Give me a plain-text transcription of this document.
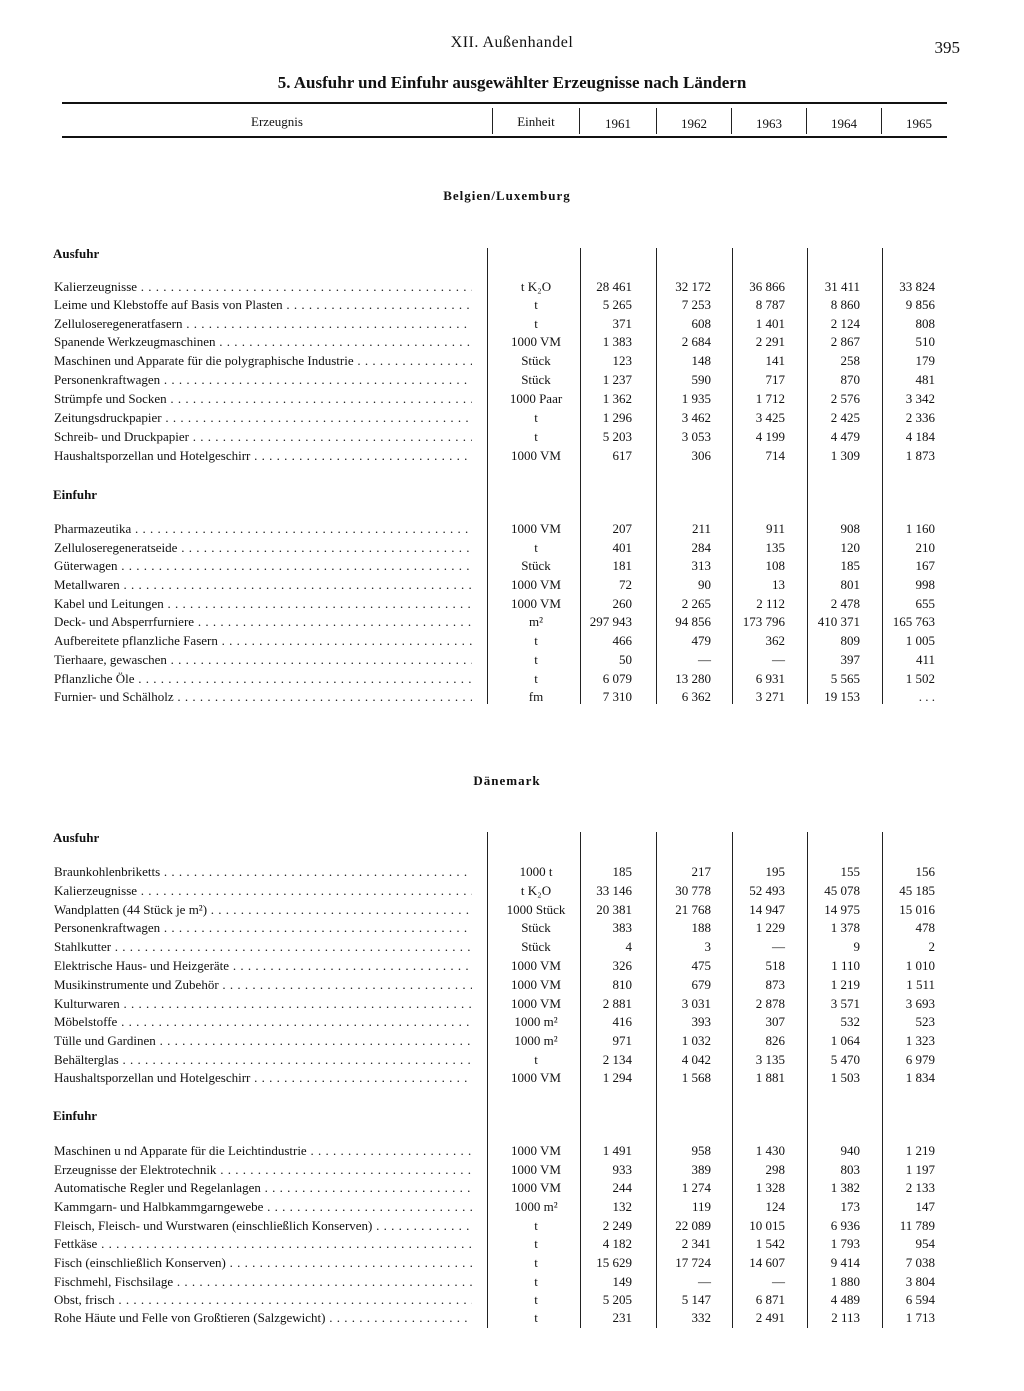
XII. Außenhandel	395
5. Ausfuhr und Einfuhr ausgewählter Erzeugnisse nach Ländern
Erzeugnis	Einheit	1961	1962	1963	1964	1965
Belgien/Luxemburg
Ausfuhr
Kalierzeugnisse . . .	t K₂O	28 461	32 172	36 866	31 411	33 824
Leime und Klebstoffe auf Basis von Plasten . . .	t	5 265	7 253	8 787	8 860	9 856
Zelluloseregeneratfasern . . .	t	371	608	1 401	2 124	808
Spanende Werkzeugmaschinen . . .	1000 VM	1 383	2 684	2 291	2 867	510
Maschinen und Apparate für die polygraphische Industrie . . .	Stück	123	148	141	258	179
Personenkraftwagen . . .	Stück	1 237	590	717	870	481
Strümpfe und Socken . . .	1000 Paar	1 362	1 935	1 712	2 576	3 342
Zeitungsdruckpapier . . .	t	1 296	3 462	3 425	2 425	2 336
Schreib- und Druckpapier . . .	t	5 203	3 053	4 199	4 479	4 184
Haushaltsporzellan und Hotelgeschirr . . .	1000 VM	617	306	714	1 309	1 873
Einfuhr
Pharmazeutika . . .	1000 VM	207	211	911	908	1 160
Zelluloseregeneratseide . . .	t	401	284	135	120	210
Güterwagen . . .	Stück	181	313	108	185	167
Metallwaren . . .	1000 VM	72	90	13	801	998
Kabel und Leitungen . . .	1000 VM	260	2 265	2 112	2 478	655
Deck- und Absperrfurniere . . .	m²	297 943	94 856	173 796	410 371	165 763
Aufbereitete pflanzliche Fasern . . .	t	466	479	362	809	1 005
Tierhaare, gewaschen . . .	t	50	—	—	397	411
Pflanzliche Öle . . .	t	6 079	13 280	6 931	5 565	1 502
Furnier- und Schälholz . . .	fm	7 310	6 362	3 271	19 153	. . .
Dänemark
Ausfuhr
Braunkohlenbriketts . . .	1000 t	185	217	195	155	156
Kalierzeugnisse . . .	t K₂O	33 146	30 778	52 493	45 078	45 185
Wandplatten (44 Stück je m²) . . .	1000 Stück	20 381	21 768	14 947	14 975	15 016
Personenkraftwagen . . .	Stück	383	188	1 229	1 378	478
Stahlkutter . . .	Stück	4	3	—	9	2
Elektrische Haus- und Heizgeräte . . .	1000 VM	326	475	518	1 110	1 010
Musikinstrumente und Zubehör . . .	1000 VM	810	679	873	1 219	1 511
Kulturwaren . . .	1000 VM	2 881	3 031	2 878	3 571	3 693
Möbelstoffe . . .	1000 m²	416	393	307	532	523
Tülle und Gardinen . . .	1000 m²	971	1 032	826	1 064	1 323
Behälterglas . . .	t	2 134	4 042	3 135	5 470	6 979
Haushaltsporzellan und Hotelgeschirr . . .	1000 VM	1 294	1 568	1 881	1 503	1 834
Einfuhr
Maschinen u nd Apparate für die Leichtindustrie . . .	1000 VM	1 491	958	1 430	940	1 219
Erzeugnisse der Elektrotechnik . . .	1000 VM	933	389	298	803	1 197
Automatische Regler und Regelanlagen . . .	1000 VM	244	1 274	1 328	1 382	2 133
Kammgarn- und Halbkammgarngewebe . . .	1000 m²	132	119	124	173	147
Fleisch, Fleisch- und Wurstwaren (einschließlich Konserven) . . .	t	2 249	22 089	10 015	6 936	11 789
Fettkäse . . .	t	4 182	2 341	1 542	1 793	954
Fisch (einschließlich Konserven) . . .	t	15 629	17 724	14 607	9 414	7 038
Fischmehl, Fischsilage . . .	t	149	—	—	1 880	3 804
Obst, frisch . . .	t	5 205	5 147	6 871	4 489	6 594
Rohe Häute und Felle von Großtieren (Salzgewicht) . . .	t	231	332	2 491	2 113	1 713
